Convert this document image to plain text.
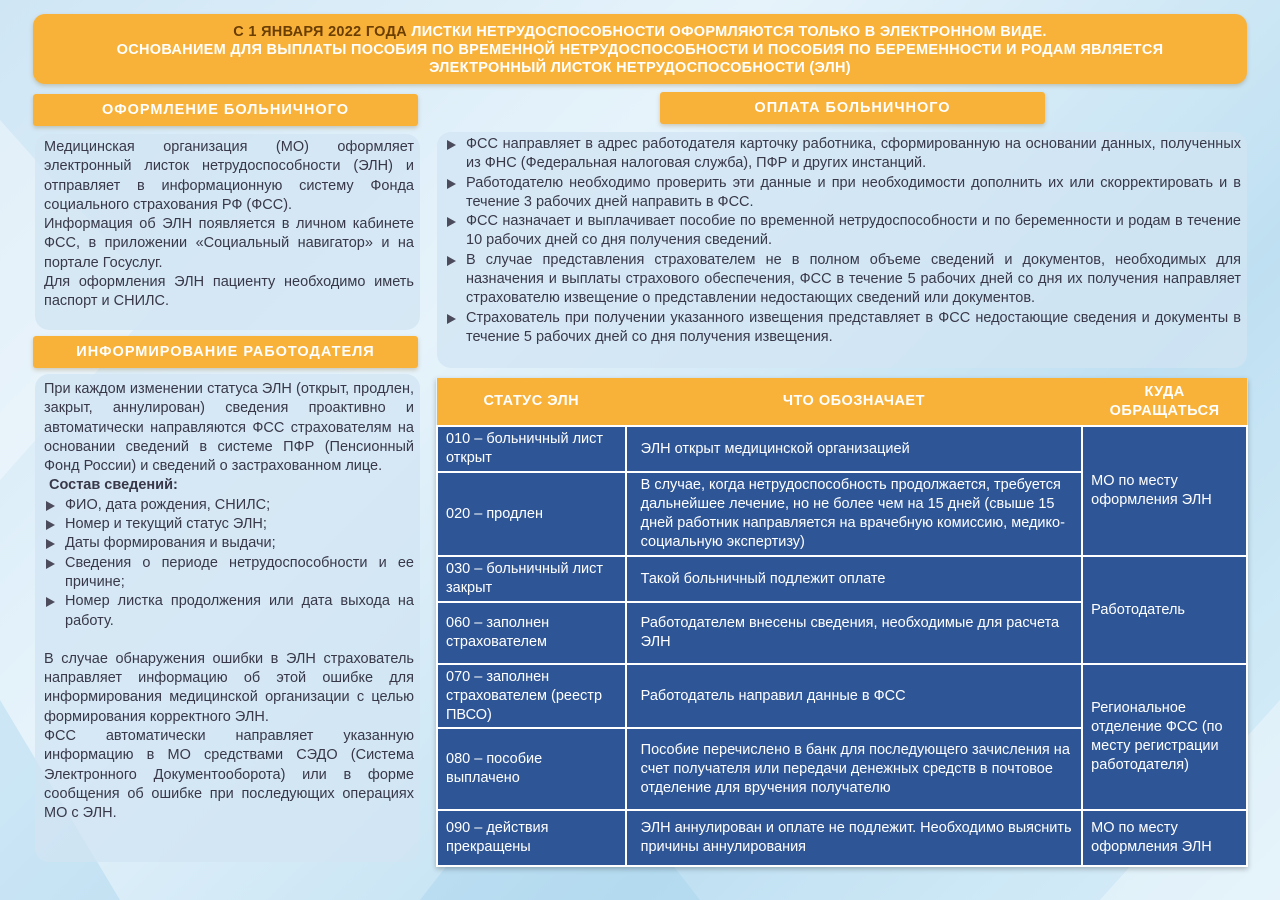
С 1 ЯНВАРЯ 2022 ГОДА ЛИСТКИ НЕТРУДОСПОСОБНОСТИ ОФОРМЛЯЮТСЯ ТОЛЬКО В ЭЛЕКТРОННОМ ВИДЕ.
ОСНОВАНИЕМ ДЛЯ ВЫПЛАТЫ ПОСОБИЯ ПО ВРЕМЕННОЙ НЕТРУДОСПОСОБНОСТИ И ПОСОБИЯ ПО БЕРЕМЕННОСТИ И РОДАМ ЯВЛЯЕТСЯ
ЭЛЕКТРОННЫЙ ЛИСТОК НЕТРУДОСПОСОБНОСТИ (ЭЛН)
ОФОРМЛЕНИЕ БОЛЬНИЧНОГО
ИНФОРМИРОВАНИЕ РАБОТОДАТЕЛЯ
ОПЛАТА БОЛЬНИЧНОГО

Медицинская организация (МО) оформляет электронный листок нетрудоспособности (ЭЛН) и отправляет в информационную систему Фонда социального страхования РФ (ФСС).

Информация об ЭЛН появляется в личном кабинете ФСС, в приложении «Социальный навигатор» и на портале Госуслуг.

Для оформления ЭЛН пациенту необходимо иметь паспорт и СНИЛС.

При каждом изменении статуса ЭЛН (открыт, продлен, закрыт, аннулирован) сведения проактивно и автоматически направляются ФСС страхователям на основании сведений в системе ПФР (Пенсионный Фонд России) и сведений о застрахованном лице.

Состав сведений:
ФИО, дата рождения, СНИЛС;
Номер и текущий статус ЭЛН;
Даты формирования и выдачи;
Сведения о периоде нетрудоспособности и ее причине;
Номер листка продолжения или дата выхода на работу.

В случае обнаружения ошибки в ЭЛН страхователь направляет информацию об этой ошибке для информирования медицинской организации с целью формирования корректного ЭЛН.

ФСС автоматически направляет указанную информацию в МО средствами СЭДО (Система Электронного Документооборота) или в форме сообщения об ошибке при последующих операциях МО с ЭЛН.

ФСС направляет в адрес работодателя карточку работника, сформированную на основании данных, полученных из ФНС (Федеральная налоговая служба), ПФР и других инстанций.
Работодателю необходимо проверить эти данные и при необходимости дополнить их или скорректировать и в течение 3 рабочих дней направить в ФСС.
ФСС назначает и выплачивает пособие по временной нетрудоспособности и по беременности и родам в течение 10 рабочих дней со дня получения сведений.
В случае представления страхователем не в полном объеме сведений и документов, необходимых для назначения и выплаты страхового обеспечения, ФСС в течение 5 рабочих дней со дня их получения направляет страхователю извещение о представлении недостающих сведений или документов.
Страхователь при получении указанного извещения представляет в ФСС недостающие сведения и документы в течение 5 рабочих дней со дня получения извещения.
СТАТУС ЭЛН	ЧТО ОБОЗНАЧАЕТ	КУДА ОБРАЩАТЬСЯ
010 – больничный лист открыт	ЭЛН открыт медицинской организацией	МО по месту оформления ЭЛН
020 – продлен	В случае, когда нетрудоспособность продолжается, требуется дальнейшее лечение, но не более чем на 15 дней (свыше 15 дней работник направляется на врачебную комиссию, медико-социальную экспертизу)	
030 – больничный лист закрыт	Такой больничный подлежит оплате	Работодатель
060 – заполнен страхователем	Работодателем внесены сведения, необходимые для расчета ЭЛН	
070 – заполнен страхователем (реестр ПВСО)	Работодатель направил данные в ФСС	Региональное отделение ФСС (по месту регистрации работодателя)
080 – пособие выплачено	Пособие перечислено в банк для последующего зачисления на счет получателя или передачи денежных средств в почтовое отделение для вручения получателю	
090 – действия прекращены	ЭЛН аннулирован и оплате не подлежит. Необходимо выяснить причины аннулирования	МО по месту оформления ЭЛН
